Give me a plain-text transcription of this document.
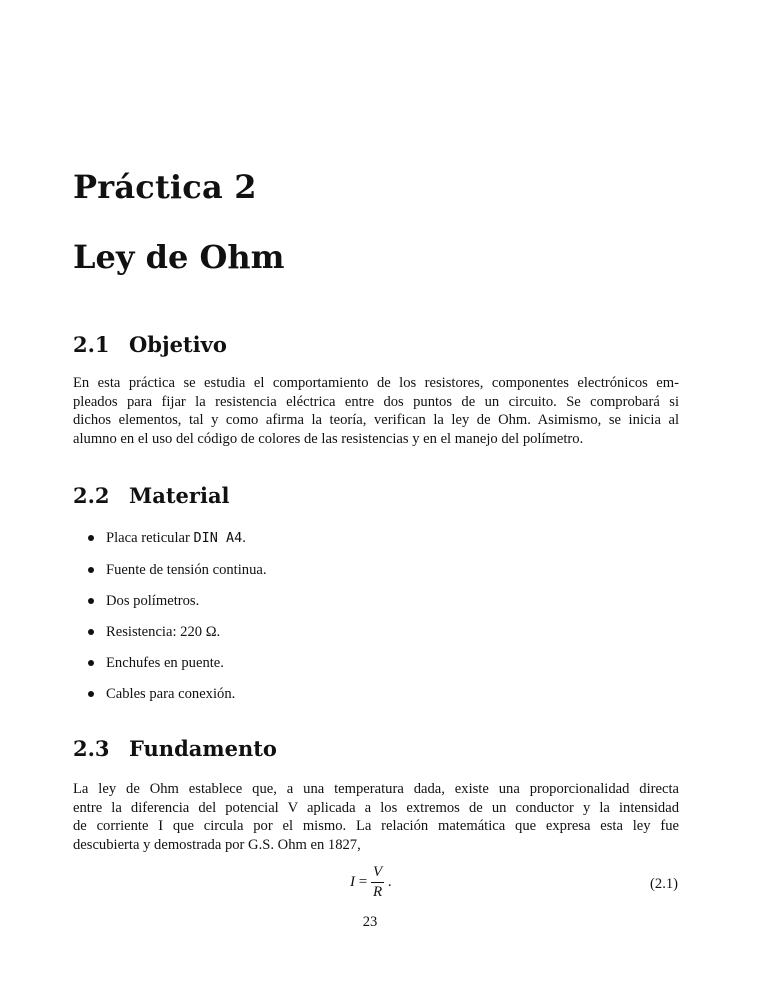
Práctica 2
Ley de Ohm
2.1 Objetivo
En esta práctica se estudia el comportamiento de los resistores, componentes electrónicos em-
pleados para fijar la resistencia eléctrica entre dos puntos de un circuito. Se comprobará si
dichos elementos, tal y como afirma la teoría, verifican la ley de Ohm. Asimismo, se inicia al
alumno en el uso del código de colores de las resistencias y en el manejo del polímetro.
2.2 Material
Placa reticular DIN A4.
Fuente de tensión continua.
Dos polímetros.
Resistencia: 220 Ω.
Enchufes en puente.
Cables para conexión.
2.3 Fundamento
La ley de Ohm establece que, a una temperatura dada, existe una proporcionalidad directa
entre la diferencia del potencial V aplicada a los extremos de un conductor y la intensidad
de corriente I que circula por el mismo. La relación matemática que expresa esta ley fue
descubierta y demostrada por G.S. Ohm en 1827,
$I = \frac{V}{R}$ .	(2.1)
23
